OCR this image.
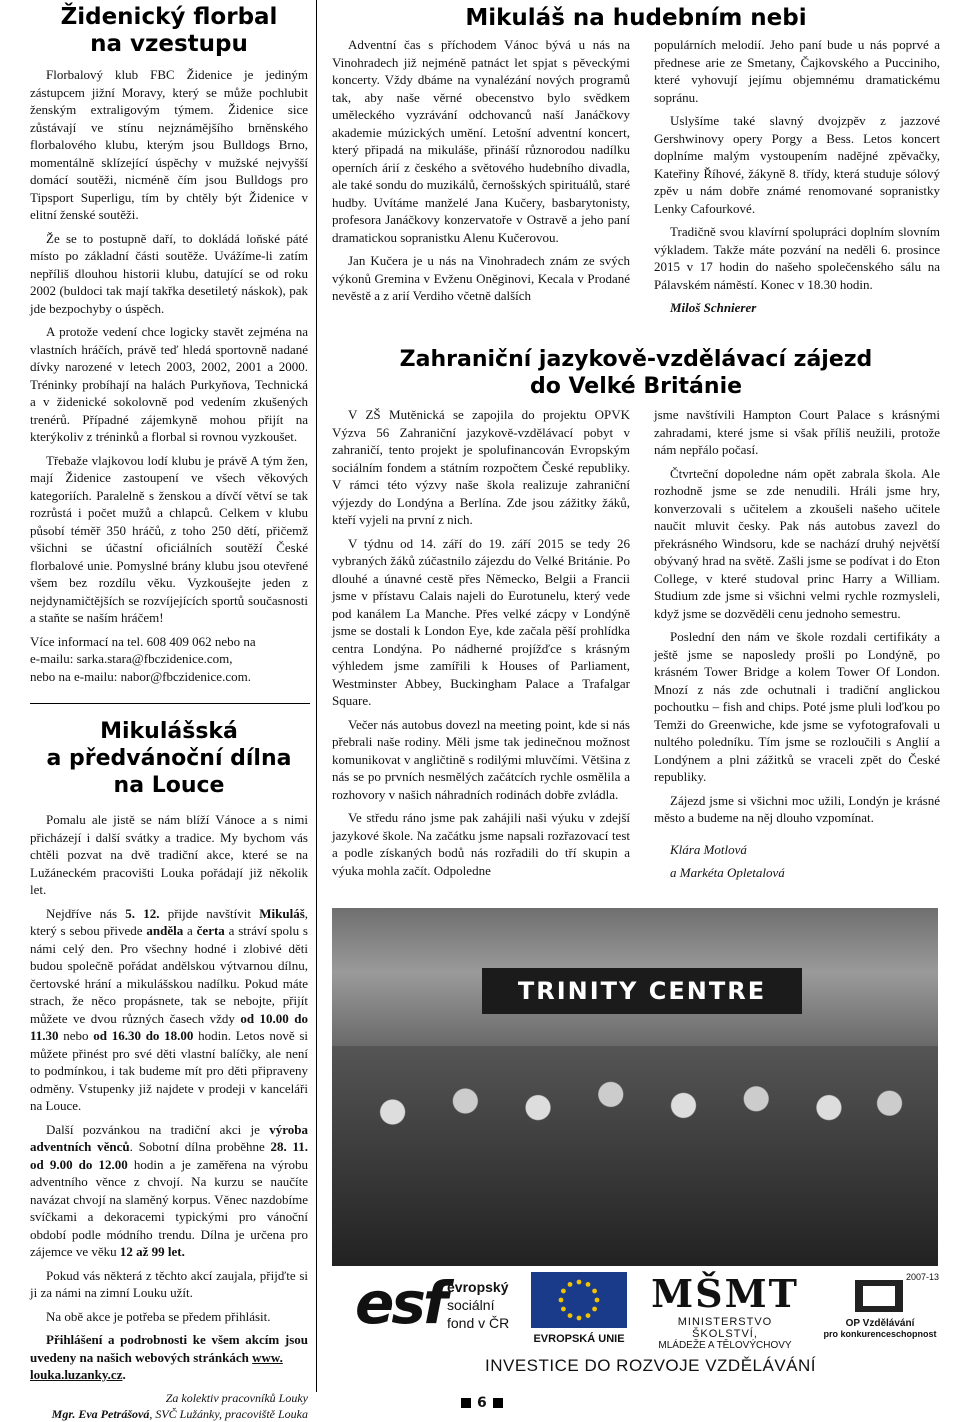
Židenický florbal
na vzestupu

Florbalový klub FBC Židenice je jediným zástupcem jižní Moravy, který se může pochlubit ženským extraligovým týmem. Židenice sice zůstávají ve stínu nejznámějšího brněnského florbalového klubu, kterým jsou Bulldogs Brno, momentálně sklízející úspěchy v mužské nejvyšší domácí soutěži, nicméně čím jsou Bulldogs pro Tipsport Superligu, tím by chtěly být Židenice v elitní ženské soutěži.

Že se to postupně daří, to dokládá loňské páté místo po základní části soutěže. Uvážíme-li zatím nepříliš dlouhou historii klubu, datující se od roku 2002 (buldoci tak mají takřka desetiletý náskok), pak jde bezpochyby o úspěch.

A protože vedení chce logicky stavět zejména na vlastních hráčích, právě teď hledá sportovně nadané dívky narozené v letech 2003, 2002, 2001 a 2000. Tréninky probíhají na halách Purkyňova, Technická a v židenické sokolovně pod vedením zkušených trenérů. Případné zájemkyně mohou přijít na kterýkoliv z tréninků a florbal si rovnou vyzkoušet.

Třebaže vlajkovou lodí klubu je právě A tým žen, mají Židenice zastoupení ve všech věkových kategoriích. Paralelně s ženskou a dívčí větví se tak rozrůstá i počet mužů a chlapců. Celkem v klubu působí téměř 350 hráčů, z toho 250 dětí, přičemž všichni se účastní oficiálních soutěží České florbalové unie. Pomyslné brány klubu jsou otevřené všem bez rozdílu věku. Vyzkoušejte jeden z nejdynamičtějších se rozvíjejících sportů současnosti a staňte se naším hráčem!

Více informací na tel. 608 409 062 nebo na

e-mailu: sarka.stara@fbczidenice.com,

nebo na e-mailu: nabor@fbczidenice.com.

Mikulášská
a předvánoční dílna
na Louce

Pomalu ale jistě se nám blíží Vánoce a s nimi přicházejí i další svátky a tradice. My bychom vás chtěli pozvat na dvě tradiční akce, které se na Lužáneckém pracovišti Louka pořádají již několik let.

Nejdříve nás 5. 12. přijde navštívit Mikuláš, který s sebou přivede anděla a čerta a stráví spolu s námi celý den. Pro všechny hodné i zlobivé děti budou společně pořádat andělskou výtvarnou dílnu, čertovské hrání a mikulášskou nadílku. Pokud máte strach, že něco propásnete, tak se nebojte, přijít můžete ve dvou různých časech vždy od 10.00 do 11.30 nebo od 16.30 do 18.00 hodin. Letos nově si můžete přinést pro své děti vlastní balíčky, ale není to podmínkou, i tak budeme mít pro děti připraveny odměny. Vstupenky již najdete v prodeji v kanceláři na Louce.

Další pozvánkou na tradiční akci je výroba adventních věnců. Sobotní dílna proběhne 28. 11. od 9.00 do 12.00 hodin a je zaměřena na výrobu adventního věnce z chvojí. Na kurzu se naučíte navázat chvojí na slaměný korpus. Věnec nazdobíme svíčkami a dekoracemi typickými pro vánoční období podle módního trendu. Dílna je určena pro zájemce ve věku 12 až 99 let.

Pokud vás některá z těchto akcí zaujala, přijďte si ji za námi na zimní Louku užít.

Na obě akce je potřeba se předem přihlásit.

Přihlášení a podrobnosti ke všem akcím jsou uvedeny na našich webových stránkách www.
louka.luzanky.cz.

Za kolektiv pracovníků Louky

Mgr. Eva Petrášová, SVČ Lužánky, pracoviště Louka

Mikuláš na hudebním nebi

Adventní čas s příchodem Vánoc bývá u nás na Vinohradech již nejméně patnáct let spjat s pěveckými koncerty. Vždy dbáme na vynalézání nových programů tak, aby naše věrné obecenstvo bylo svědkem uměleckého vyzrávání odchovanců naší Janáčkovy akademie múzických umění. Letošní adventní koncert, který připadá na mikuláše, přináší různorodou nadílku operních árií z českého a světového hudebního divadla, ale také sondu do muzikálů, černošských spirituálů, staré hudby. Uvítáme manželé Jana Kučery, basbarytonisty, profesora Janáčkovy konzervatoře v Ostravě a jeho paní dramatickou sopranistku Alenu Kučerovou.

Jan Kučera je u nás na Vinohradech znám ze svých výkonů Gremina v Evženu Oněginovi, Kecala v Prodané nevěstě a z arií Verdiho včetně dalších

populárních melodií. Jeho paní bude u nás poprvé a přednese arie ze Smetany, Čajkovského a Pucciniho, které vyhovují jejímu objemnému dramatickému sopránu.

Uslyšíme také slavný dvojzpěv z jazzové Gershwinovy opery Porgy a Bess. Letos koncert doplníme malým vystoupením nadějné zpěvačky, Kateřiny Říhové, žákyně 8. třídy, která studuje sólový zpěv u nám dobře známé renomované sopranistky Lenky Cafourkové.

Tradičně svou klavírní spolupráci doplním slovním výkladem. Takže máte pozvání na neděli 6. prosince 2015 v 17 hodin do našeho společenského sálu na Pálavském náměstí. Konec v 18.30 hodin.

Miloš Schnierer

Zahraniční jazykově-vzdělávací zájezd
do Velké Británie

V ZŠ Mutěnická se zapojila do projektu OPVK Výzva 56 Zahraniční jazykově-vzdělávací pobyt v zahraničí, tento projekt je spolufinancován Evropským sociálním fondem a státním rozpočtem České republiky. V rámci této výzvy naše škola realizuje zahraniční výjezdy do Londýna a Berlína. Zde jsou zážitky žáků, kteří vyjeli na první z nich.

V týdnu od 14. září do 19. září 2015 se tedy 26 vybraných žáků zúčastnilo zájezdu do Velké Británie. Po dlouhé a únavné cestě přes Německo, Belgii a Francii jsme v přístavu Calais najeli do Eurotunelu, který vede pod kanálem La Manche. Přes velké zácpy v Londýně jsme se dostali k London Eye, kde začala pěší prohlídka centra Londýna. Po nádherné projížďce s krásným výhledem jsme zamířili k Houses of Parliament, Westminster Abbey, Buckingham Palace a Trafalgar Square.

Večer nás autobus dovezl na meeting point, kde si nás přebrali naše rodiny. Měli jsme tak jedinečnou možnost komunikovat v angličtině s rodilými mluvčími. Většina z nás se po prvních nesmělých začátcích rychle osmělila a rozhovory v našich náhradních rodinách dobře zvládla.

Ve středu ráno jsme pak zahájili naši výuku v zdejší jazykové škole. Na začátku jsme napsali rozřazovací test a podle získaných bodů nás rozřadili do tří skupin a výuka mohla začít. Odpoledne

jsme navštívili Hampton Court Palace s krásnými zahradami, které jsme si však příliš neužili, protože nám nepřálo počasí.

Čtvrteční dopoledne nám opět zabrala škola. Ale rozhodně jsme se zde nenudili. Hráli jsme hry, konverzovali s učitelem a zkoušeli našeho učitele naučit mluvit česky. Pak nás autobus zavezl do překrásného Windsoru, kde se nachází druhý největší obývaný hrad na světě. Zašli jsme se podívat i do Eton College, v které studoval princ Harry a William. Studium zde jsme si všichni velmi rychle rozmysleli, když jsme se dozvěděli cenu jednoho semestru.

Poslední den nám ve škole rozdali certifikáty a ještě jsme se naposledy prošli po Londýně, po krásném Tower Bridge a kolem Tower Of London. Mnozí z nás zde ochutnali i tradiční anglickou pochoutku – fish and chips. Poté jsme pluli loďkou po Temži do Greenwiche, kde jsme se vyfotografovali u nultého poledníku. Tím jsme se rozloučili s Anglií a Londýnem a plni zážitků se vraceli zpět do České republiky.

Zájezd jsme si všichni moc užili, Londýn je krásné město a budeme na něj dlouho vzpomínat.

Klára Motlová

a Markéta Opletalová

TRINITY CENTRE
esf evropský
sociální
fond v ČR
EVROPSKÁ UNIE
MŠMT
MINISTERSTVO ŠKOLSTVÍ,
MLÁDEŽE A TĚLOVÝCHOVY
2007-13
OP Vzdělávání
pro konkurenceschopnost
INVESTICE DO ROZVOJE VZDĚLÁVÁNÍ
6
